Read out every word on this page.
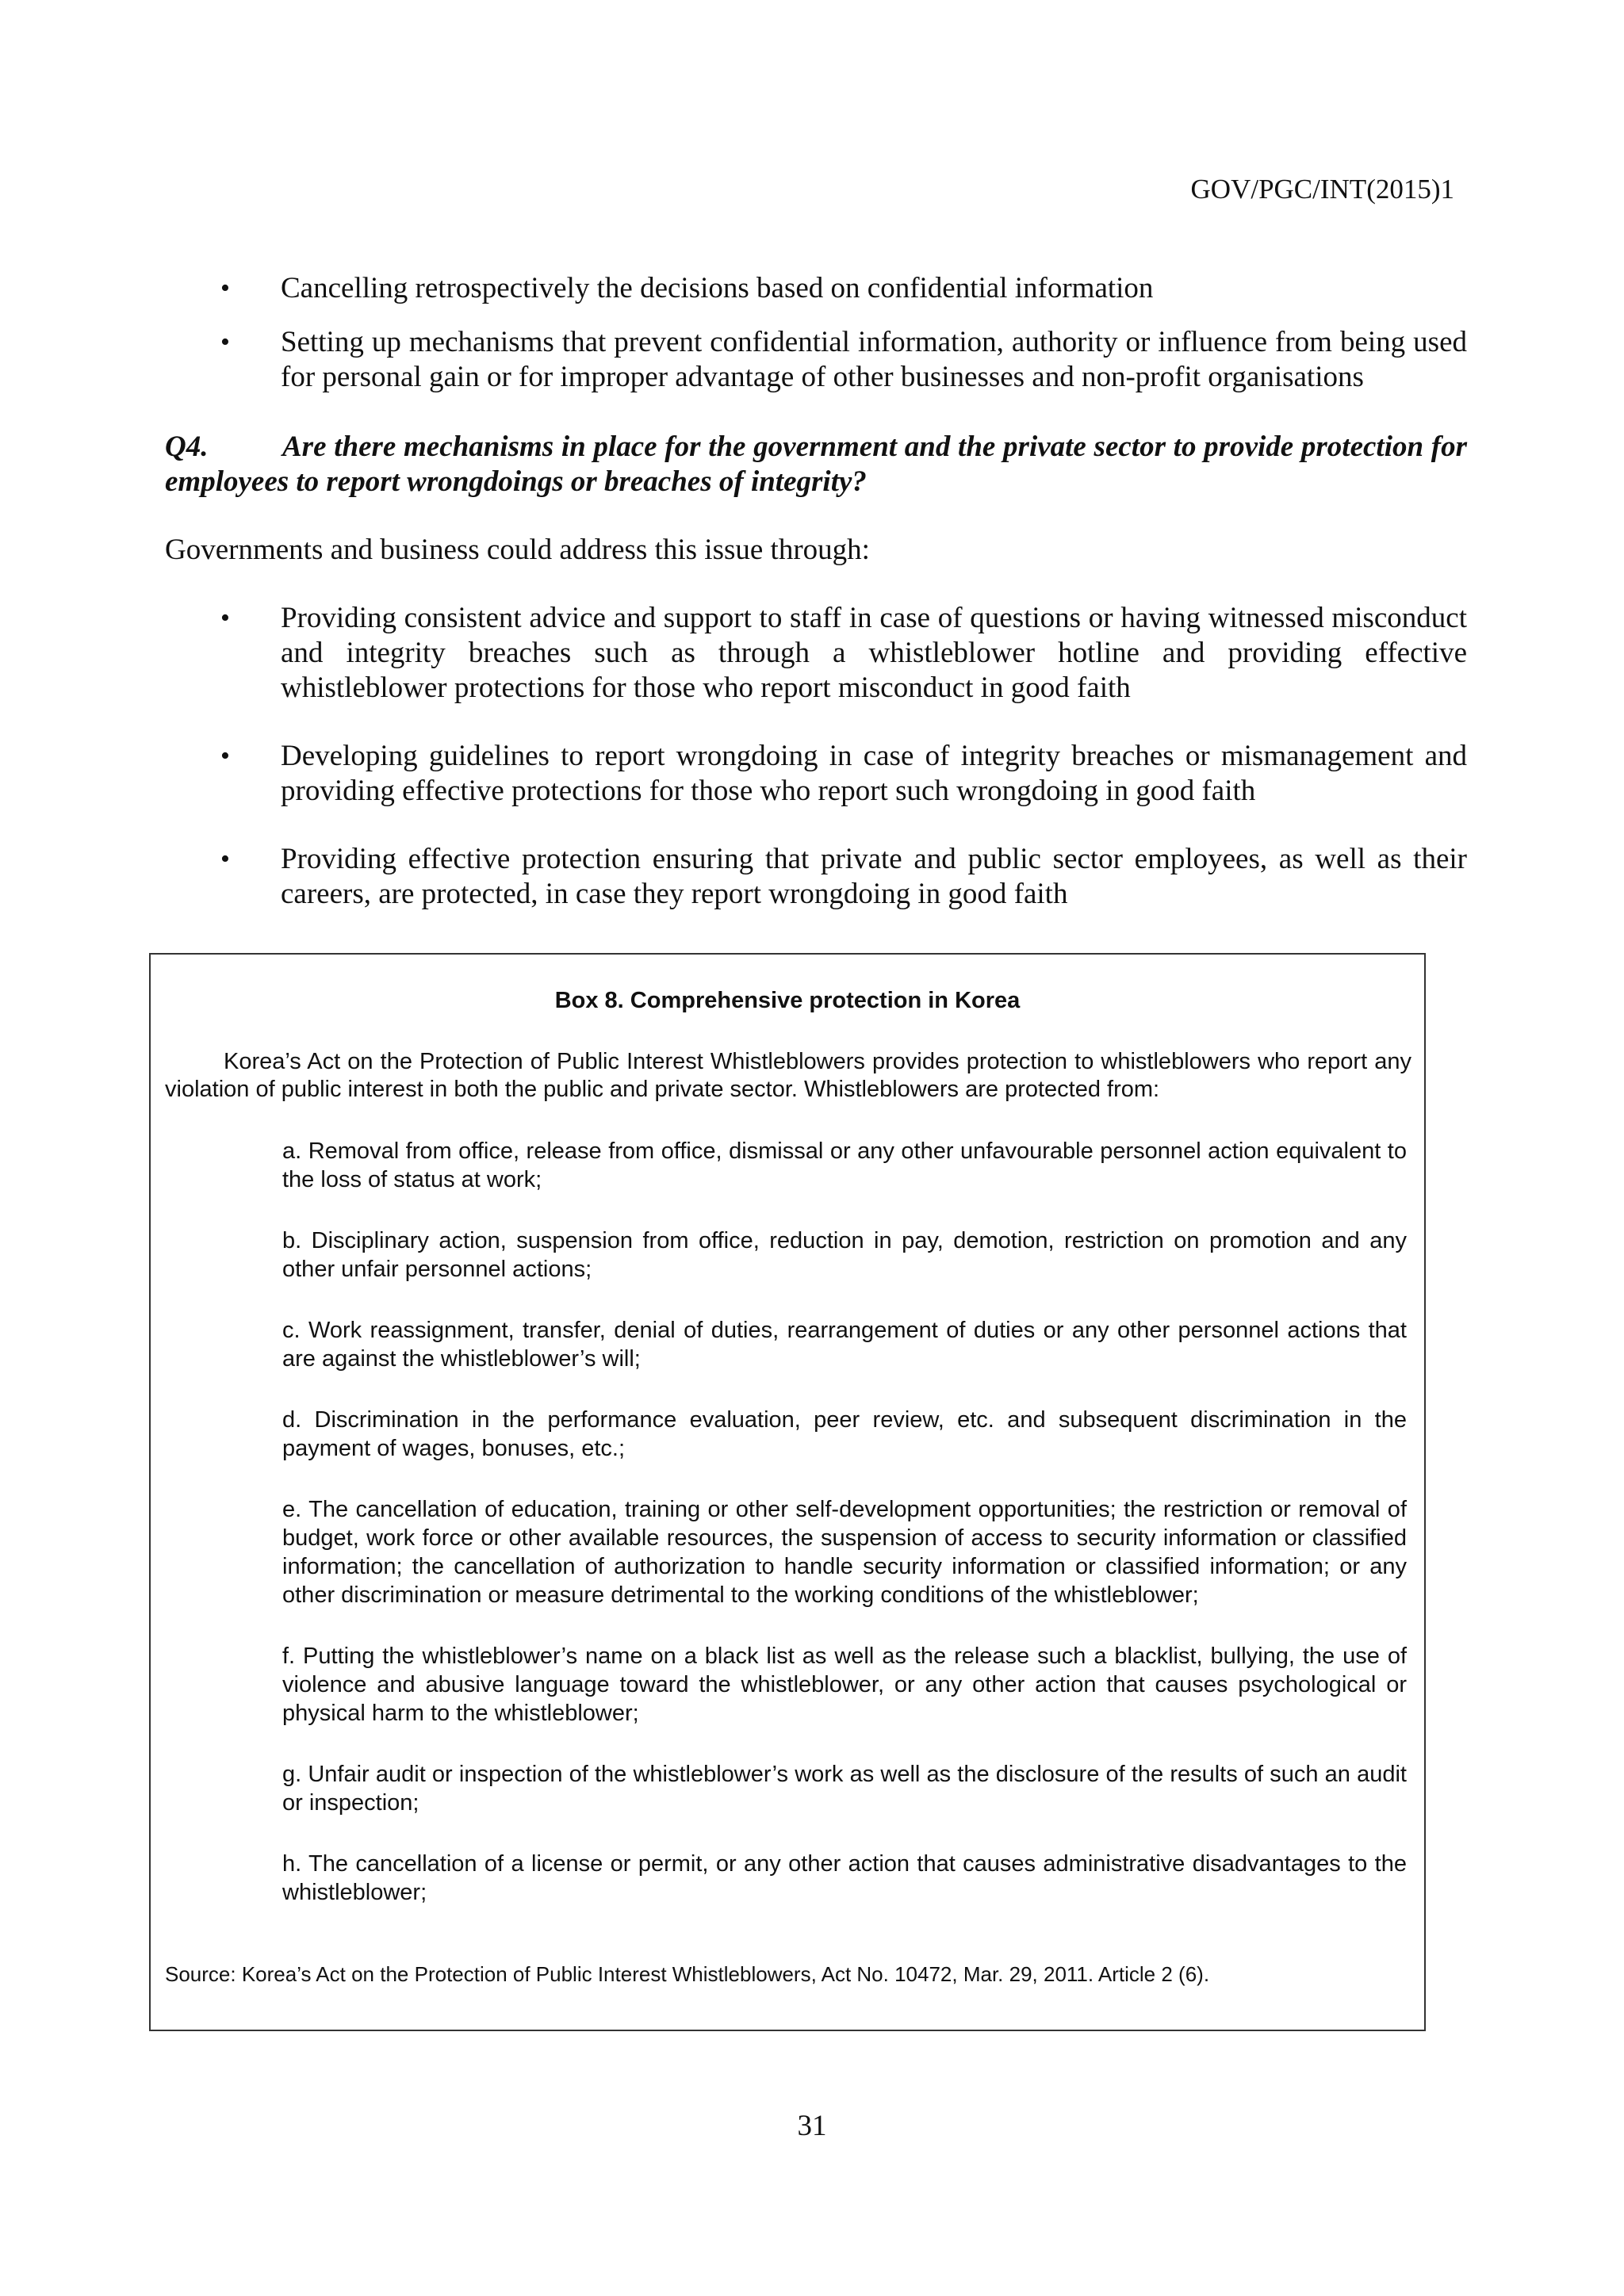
GOV/PGC/INT(2015)1
• Cancelling retrospectively the decisions based on confidential information
• Setting up mechanisms that prevent confidential information, authority or influence from being used for personal gain or for improper advantage of other businesses and non-profit organisations
Q4.	Are there mechanisms in place for the government and the private sector to provide protection for employees to report wrongdoings or breaches of integrity?
Governments and business could address this issue through:
• Providing consistent advice and support to staff in case of questions or having witnessed misconduct and integrity breaches such as through a whistleblower hotline and providing effective whistleblower protections for those who report misconduct in good faith
• Developing guidelines to report wrongdoing in case of integrity breaches or mismanagement and providing effective protections for those who report such wrongdoing in good faith
• Providing effective protection ensuring that private and public sector employees, as well as their careers, are protected, in case they report wrongdoing in good faith
Box 8. Comprehensive protection in Korea
Korea’s Act on the Protection of Public Interest Whistleblowers provides protection to whistleblowers who report any violation of public interest in both the public and private sector. Whistleblowers are protected from:
a. Removal from office, release from office, dismissal or any other unfavourable personnel action equivalent to the loss of status at work;
b. Disciplinary action, suspension from office, reduction in pay, demotion, restriction on promotion and any other unfair personnel actions;
c. Work reassignment, transfer, denial of duties, rearrangement of duties or any other personnel actions that are against the whistleblower’s will;
d. Discrimination in the performance evaluation, peer review, etc. and subsequent discrimination in the payment of wages, bonuses, etc.;
e. The cancellation of education, training or other self-development opportunities; the restriction or removal of budget, work force or other available resources, the suspension of access to security information or classified information; the cancellation of authorization to handle security information or classified information; or any other discrimination or measure detrimental to the working conditions of the whistleblower;
f. Putting the whistleblower’s name on a black list as well as the release such a blacklist, bullying, the use of violence and abusive language toward the whistleblower, or any other action that causes psychological or physical harm to the whistleblower;
g. Unfair audit or inspection of the whistleblower’s work as well as the disclosure of the results of such an audit or inspection;
h. The cancellation of a license or permit, or any other action that causes administrative disadvantages to the whistleblower;
Source: Korea’s Act on the Protection of Public Interest Whistleblowers, Act No. 10472, Mar. 29, 2011. Article 2 (6).
31
